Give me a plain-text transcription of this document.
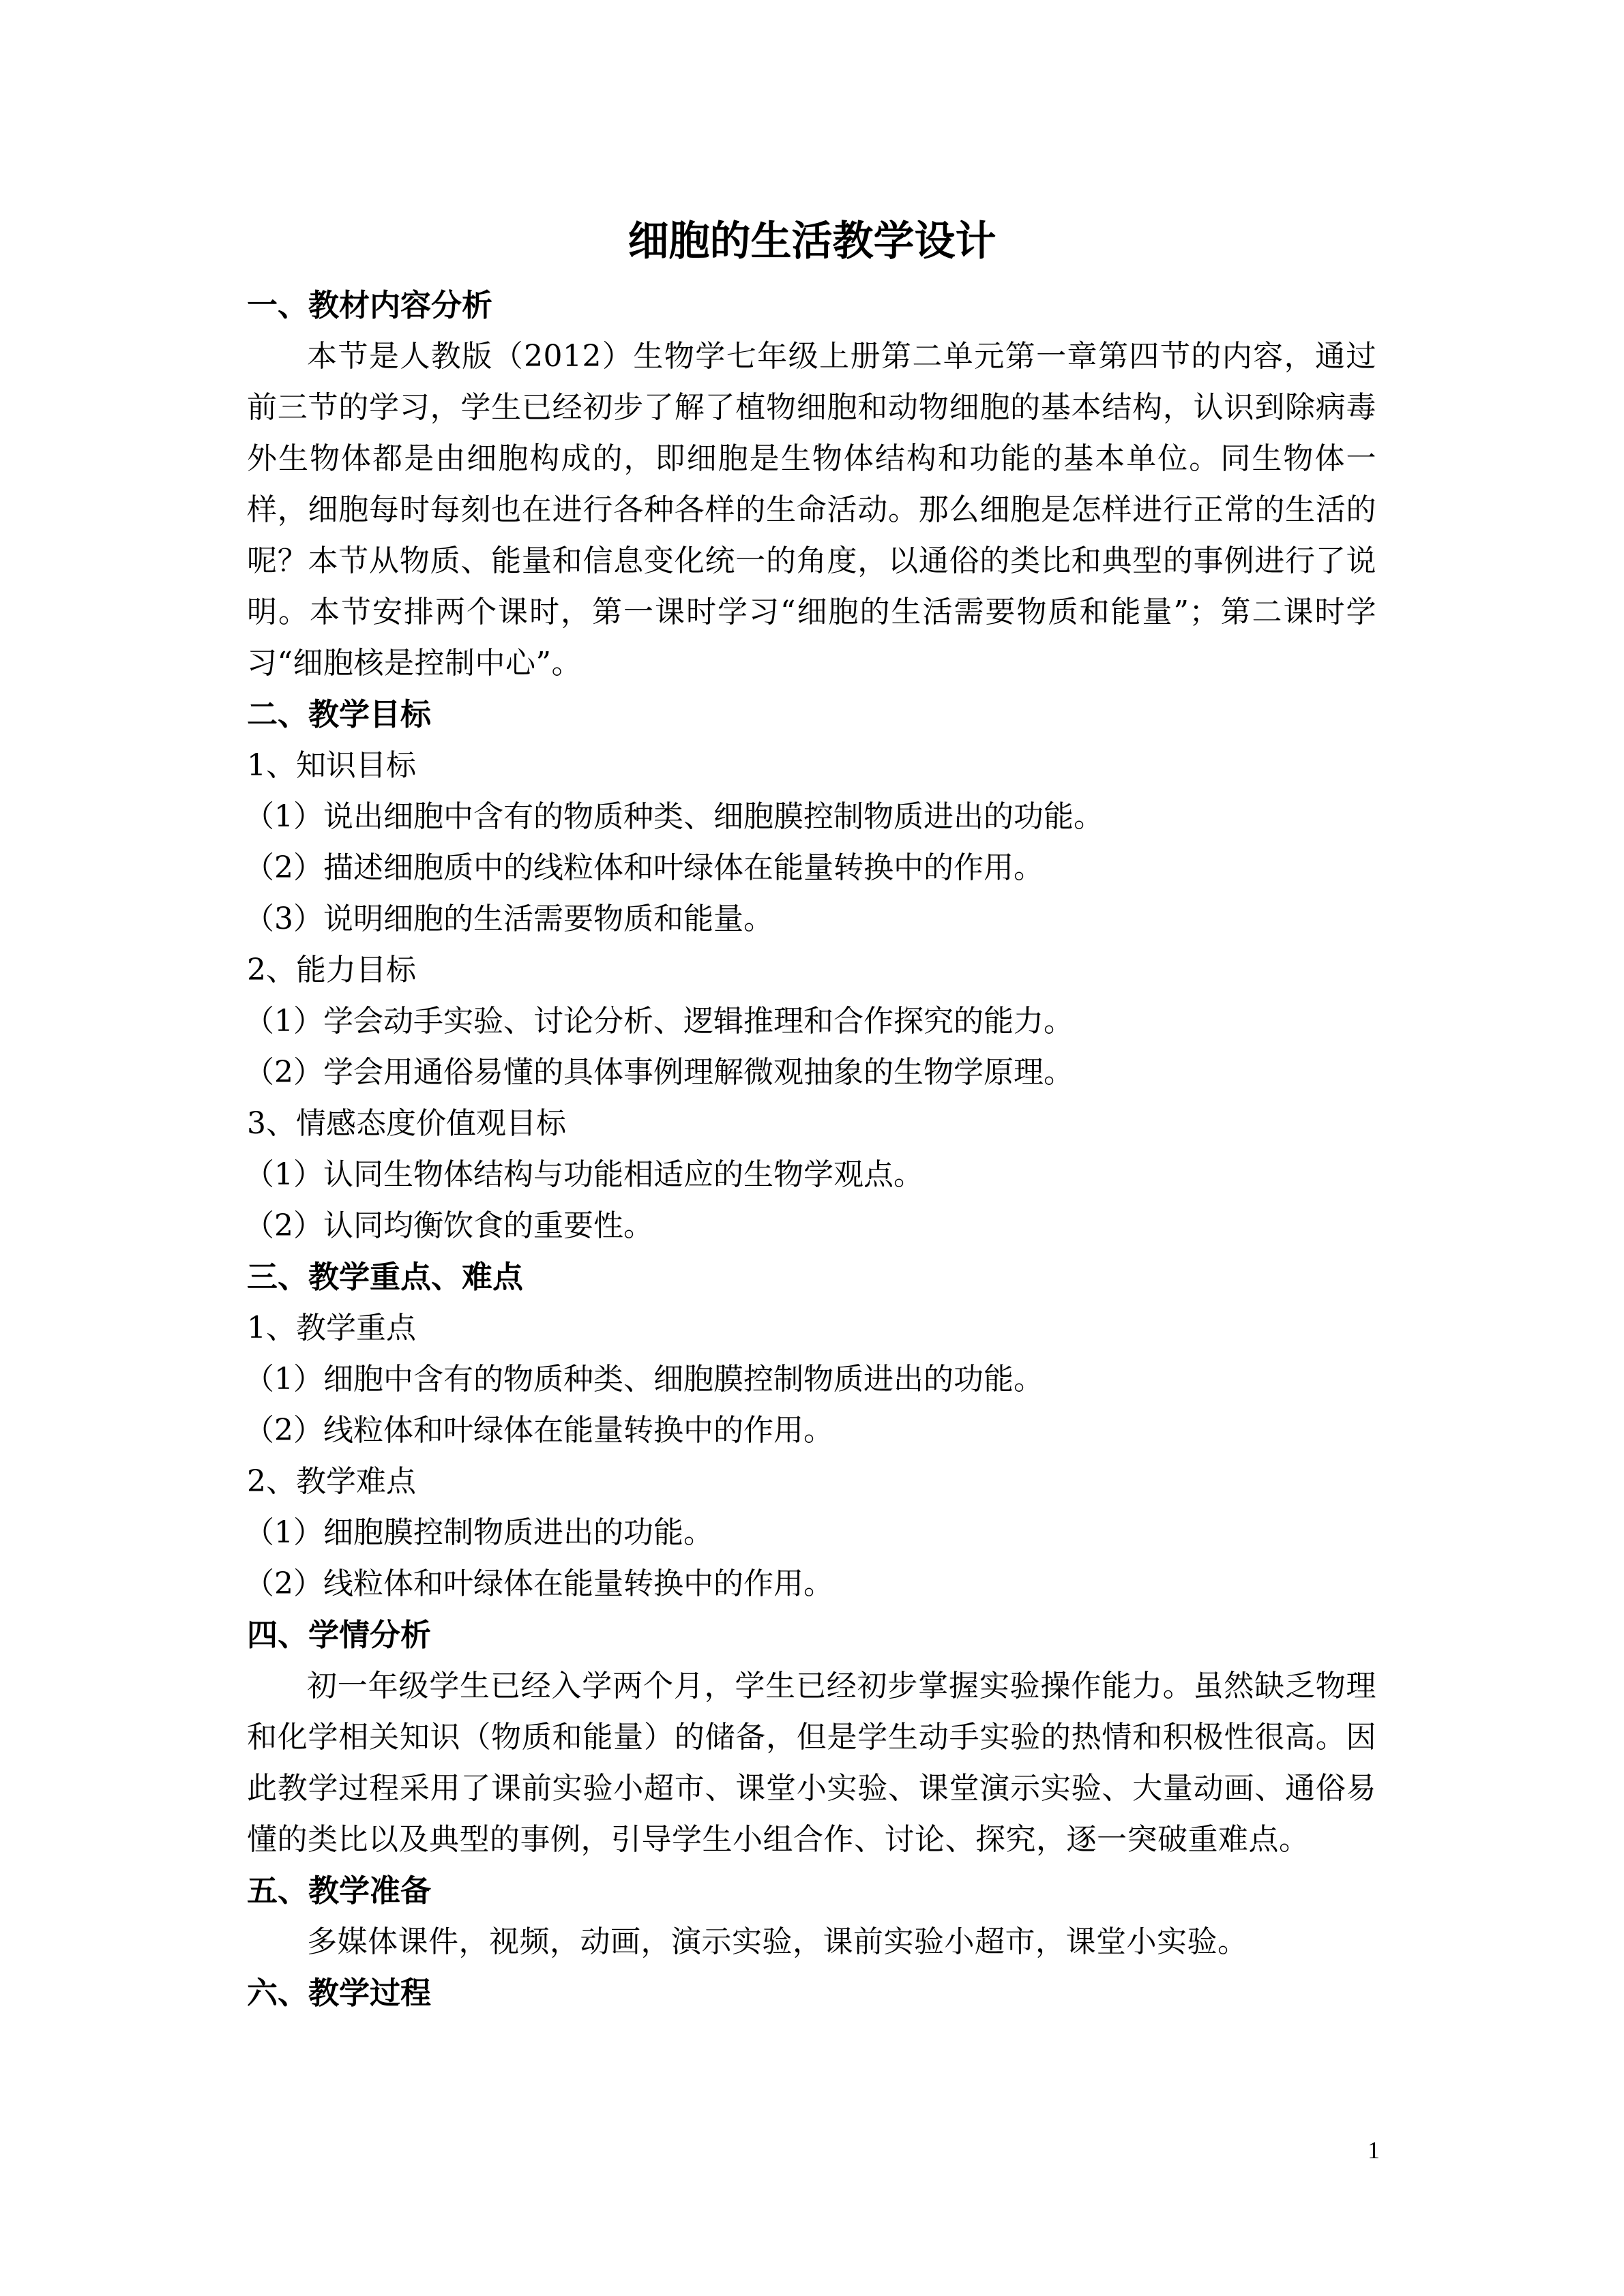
细胞的生活教学设计
一、教材内容分析
本节是人教版（2012）生物学七年级上册第二单元第一章第四节的内容，通过前三节的学习，学生已经初步了解了植物细胞和动物细胞的基本结构，认识到除病毒外生物体都是由细胞构成的，即细胞是生物体结构和功能的基本单位。同生物体一样，细胞每时每刻也在进行各种各样的生命活动。那么细胞是怎样进行正常的生活的呢？本节从物质、能量和信息变化统一的角度，以通俗的类比和典型的事例进行了说明。本节安排两个课时，第一课时学习“细胞的生活需要物质和能量”；第二课时学习“细胞核是控制中心”。
二、教学目标
1、知识目标
（1）说出细胞中含有的物质种类、细胞膜控制物质进出的功能。
（2）描述细胞质中的线粒体和叶绿体在能量转换中的作用。
（3）说明细胞的生活需要物质和能量。
2、能力目标
（1）学会动手实验、讨论分析、逻辑推理和合作探究的能力。
（2）学会用通俗易懂的具体事例理解微观抽象的生物学原理。
3、情感态度价值观目标
（1）认同生物体结构与功能相适应的生物学观点。
（2）认同均衡饮食的重要性。
三、教学重点、难点
1、教学重点
（1）细胞中含有的物质种类、细胞膜控制物质进出的功能。
（2）线粒体和叶绿体在能量转换中的作用。
2、教学难点
（1）细胞膜控制物质进出的功能。
（2）线粒体和叶绿体在能量转换中的作用。
四、学情分析
初一年级学生已经入学两个月，学生已经初步掌握实验操作能力。虽然缺乏物理和化学相关知识（物质和能量）的储备，但是学生动手实验的热情和积极性很高。因此教学过程采用了课前实验小超市、课堂小实验、课堂演示实验、大量动画、通俗易懂的类比以及典型的事例，引导学生小组合作、讨论、探究，逐一突破重难点。
五、教学准备
多媒体课件，视频，动画，演示实验，课前实验小超市，课堂小实验。
六、教学过程
1
